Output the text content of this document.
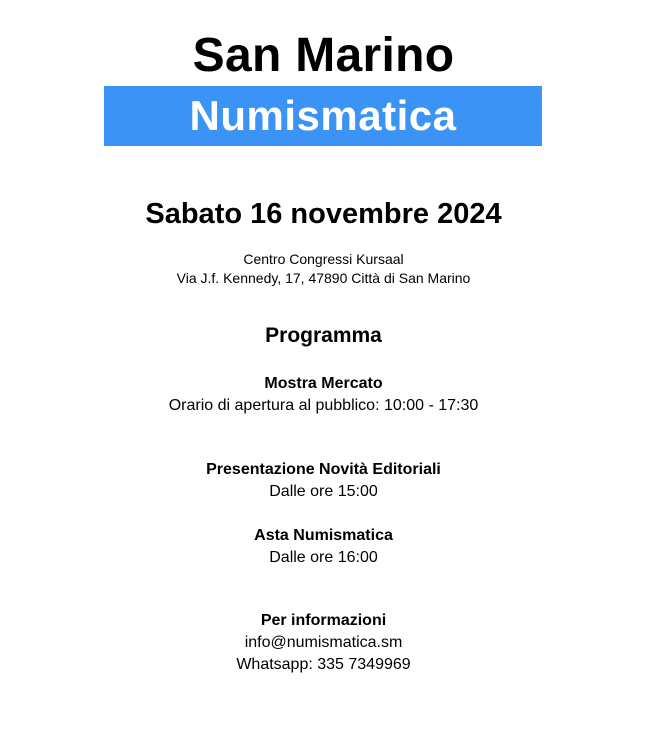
San Marino
Numismatica
Sabato 16 novembre 2024
Centro Congressi Kursaal
Via J.f. Kennedy, 17, 47890 Città di San Marino
Programma
Mostra Mercato
Orario di apertura al pubblico: 10:00 - 17:30
Presentazione Novità Editoriali
Dalle ore 15:00
Asta Numismatica
Dalle ore 16:00
Per informazioni
info@numismatica.sm
Whatsapp: 335 7349969
